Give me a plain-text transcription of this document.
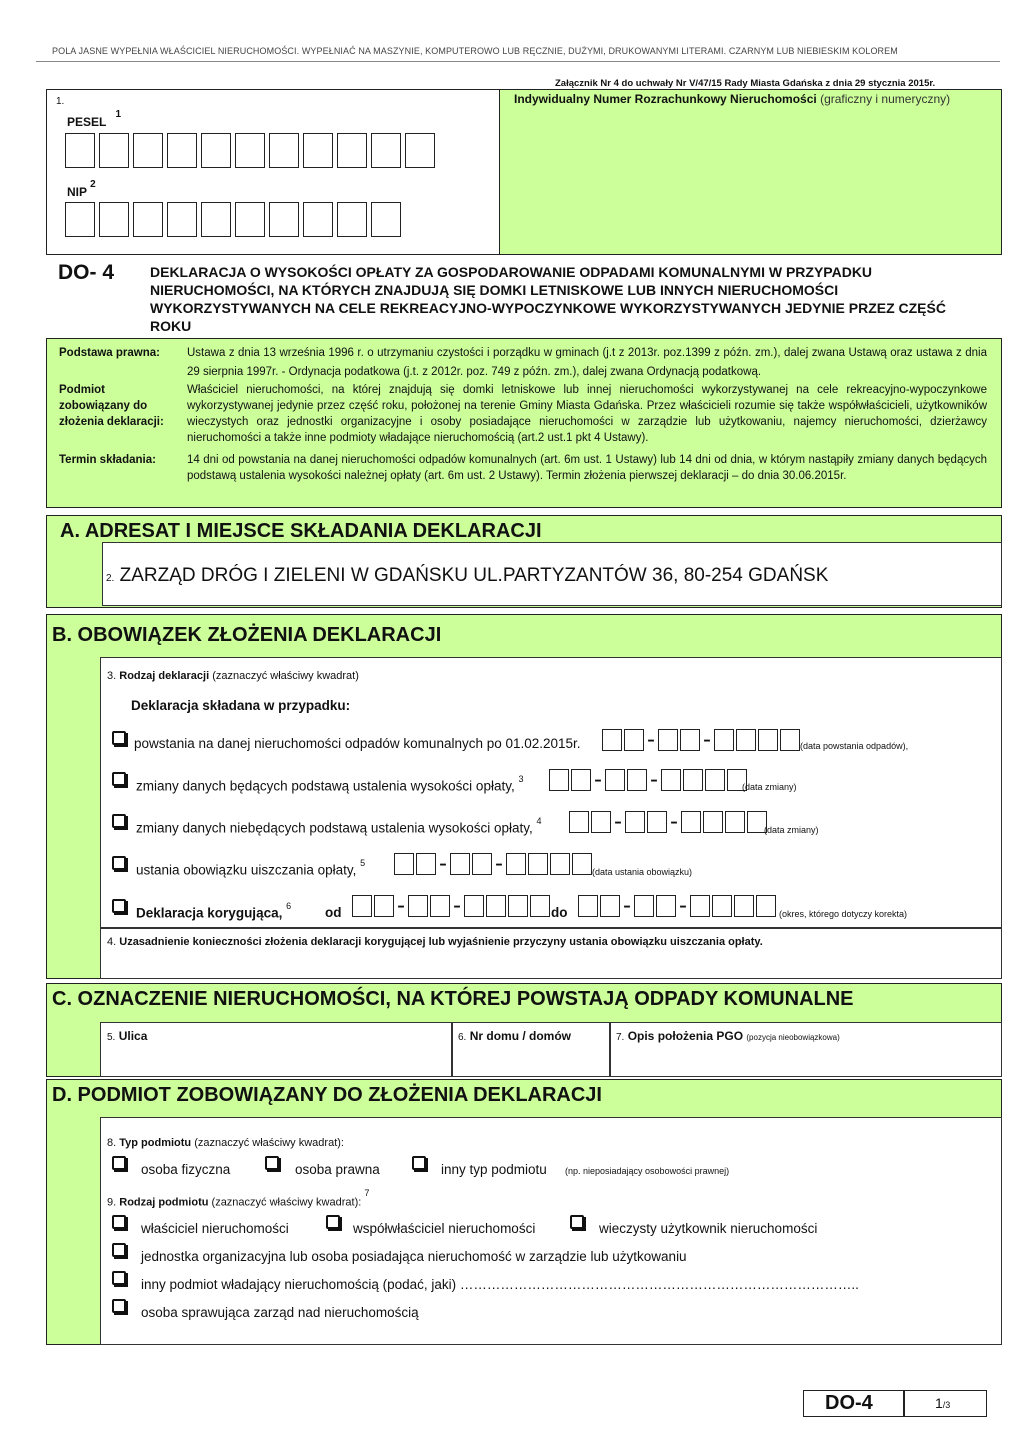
POLA JASNE WYPEŁNIA WŁAŚCICIEL NIERUCHOMOŚCI. WYPEŁNIAĆ NA MASZYNIE, KOMPUTEROWO LUB RĘCZNIE, DUŻYMI, DRUKOWANYMI LITERAMI. CZARNYM LUB NIEBIESKIM KOLOREM
Załącznik Nr 4 do uchwały Nr V/47/15 Rady Miasta Gdańska z dnia 29 stycznia 2015r.
1.
PESEL $^1$
NIP $^2$
Indywidualny Numer Rozrachunkowy Nieruchomości (graficzny i numeryczny)
DO- 4	DEKLARACJA O WYSOKOŚCI OPŁATY ZA GOSPODAROWANIE ODPADAMI KOMUNALNYMI W PRZYPADKU NIERUCHOMOŚCI, NA KTÓRYCH ZNAJDUJĄ SIĘ DOMKI LETNISKOWE LUB INNYCH NIERUCHOMOŚCI WYKORZYSTYWANYCH NA CELE REKREACYJNO-WYPOCZYNKOWE WYKORZYSTYWANYCH JEDYNIE PRZEZ CZĘŚĆ ROKU
Podstawa prawna:	Ustawa z dnia 13 września 1996 r. o utrzymaniu czystości i porządku w gminach (j.t z 2013r. poz.1399 z późn. zm.), dalej zwana Ustawą oraz ustawa z dnia 29 sierpnia 1997r. - Ordynacja podatkowa (j.t. z 2012r. poz. 749 z późn. zm.), dalej zwana Ordynacją podatkową.
Podmiot zobowiązany do złożenia deklaracji:
Właściciel nieruchomości, na której znajdują się domki letniskowe lub innej nieruchomości wykorzystywanej na cele rekreacyjno-wypoczynkowe wykorzystywanej jedynie przez część roku, położonej na terenie Gminy Miasta Gdańska. Przez właścicieli rozumie się także współwłaścicieli, użytkowników wieczystych oraz jednostki organizacyjne i osoby posiadające nieruchomości w zarządzie lub użytkowaniu, najemcy nieruchomości, dzierżawcy nieruchomości a także inne podmioty władające nieruchomością (art.2 ust.1 pkt 4 Ustawy).
Termin składania:	14 dni od powstania na danej nieruchomości odpadów komunalnych (art. 6m ust. 1 Ustawy) lub 14 dni od dnia, w którym nastąpiły zmiany danych będących podstawą ustalenia wysokości należnej opłaty (art. 6m ust. 2 Ustawy). Termin złożenia pierwszej deklaracji – do dnia 30.06.2015r.
A. ADRESAT I MIEJSCE SKŁADANIA DEKLARACJI
2. ZARZĄD DRÓG I ZIELENI W GDAŃSKU UL.PARTYZANTÓW 36, 80-254 GDAŃSK
B. OBOWIĄZEK ZŁOŻENIA DEKLARACJI
3. Rodzaj deklaracji (zaznaczyć właściwy kwadrat)
Deklaracja składana w przypadku:
powstania na danej nieruchomości odpadów komunalnych po 01.02.2015r.	- -	(data powstania odpadów),
zmiany danych będących podstawą ustalenia wysokości opłaty, $^3$	- -	(data zmiany)
zmiany danych niebędących podstawą ustalenia wysokości opłaty, $^4$	- -	(data zmiany)
ustania obowiązku uiszczania opłaty, $^5$	- -	(data ustania obowiązku)
Deklaracja korygująca, $^6$	od	- -	do	- -	(okres, którego dotyczy korekta)
4. Uzasadnienie konieczności złożenia deklaracji korygującej lub wyjaśnienie przyczyny ustania obowiązku uiszczania opłaty.
C. OZNACZENIE NIERUCHOMOŚCI, NA KTÓREJ POWSTAJĄ ODPADY KOMUNALNE
5. Ulica	6. Nr domu / domów	7. Opis położenia PGO (pozycja nieobowiązkowa)
D. PODMIOT ZOBOWIĄZANY DO ZŁOŻENIA DEKLARACJI
8. Typ podmiotu (zaznaczyć właściwy kwadrat):
osoba fizyczna	osoba prawna	inny typ podmiotu (np. nieposiadający osobowości prawnej)
9. Rodzaj podmiotu (zaznaczyć właściwy kwadrat): $^7$
właściciel nieruchomości	współwłaściciel nieruchomości	wieczysty użytkownik nieruchomości
jednostka organizacyjna lub osoba posiadająca nieruchomość w zarządzie lub użytkowaniu
inny podmiot władający nieruchomością (podać, jaki) ……………………………………………………………………………..
osoba sprawująca zarząd nad nieruchomością
DO-4	1/3
